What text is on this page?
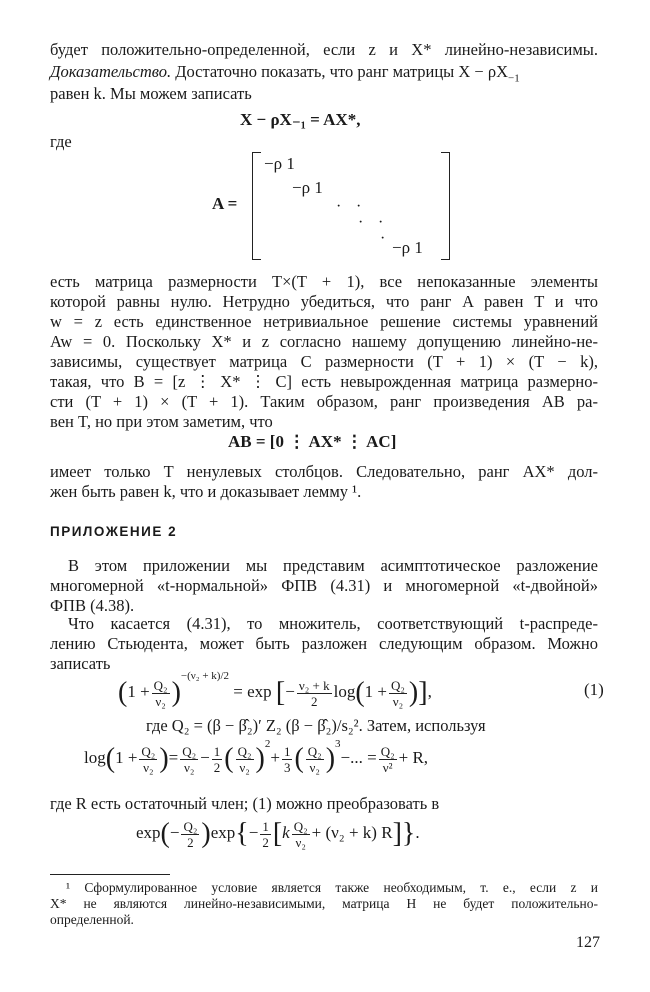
будет положительно-определенной, если z и X* линейно-независимы.
Доказательство. Достаточно показать, что ранг матрицы $X - \rho X_{-1}$
равен k. Мы можем записать
X − ρX₋₁ = AX*,
где
A =
−ρ 1
−ρ 1
· ·
· ·
· −ρ 1
есть матрица размерности T×(T + 1), все непоказанные элементы
которой равны нулю. Нетрудно убедиться, что ранг A равен T и что
w = z есть единственное нетривиальное решение системы уравнений
Aw = 0. Поскольку X* и z согласно нашему допущению линейно-не-
зависимы, существует матрица C размерности (T + 1) × (T − k),
такая, что B = [z ⋮ X* ⋮ C] есть невырожденная матрица размерно-
сти (T + 1) × (T + 1). Таким образом, ранг произведения AB ра-
вен T, но при этом заметим, что
AB = [0 ⋮ AX* ⋮ AC]
имеет только T ненулевых столбцов. Следовательно, ранг AX* дол-
жен быть равен k, что и доказывает лемму ¹.
ПРИЛОЖЕНИЕ 2
В этом приложении мы представим асимптотическое разложение
многомерной «t-нормальной» ФПВ (4.31) и многомерной «t-двойной»
ФПВ (4.38).
Что касается (4.31), то множитель, соответствующий t-распреде-
лению Стьюдента, может быть разложен следующим образом. Можно
записать
$(1 + \frac{\text{Q₂}}{\text{ν₂}} )^{-(\nu_2 + k)/2} = \exp$ [− $\frac{\text{ν₂ + k}}{2} \log(1 + \frac{\text{Q₂}}{\text{ν₂}}$ )],	(1)
где Q₂ = (β − β̂₂)′ Z₂ (β − β̂₂)/s₂². Затем, используя
$\log(1 + \frac{\text{Q₂}}{\text{ν₂}}$ )= $\frac{\text{Q₂}}{\text{ν₂}} - \frac{1}{2}$ ( $\frac{\text{Q₂}}{\text{ν₂}} )^2+ \frac{1}{3}$ ( $\frac{\text{Q₂}}{\text{ν₂}} )^3-$... = $\frac{\text{Q₂}}{\text{ν²}} + R$,
где R есть остаточный член; (1) можно преобразовать в
$\exp(- \frac{\text{Q₂}}{2} )\exp\{- \frac{1}{2} [k \frac{\text{Q₂}}{\text{ν₂}} + (\nu_2 + k)$ R]}.
¹ Сформулированное условие является также необходимым, т. е., если z и
X* не являются линейно-независимыми, матрица H не будет положительно-
определенной.
127
